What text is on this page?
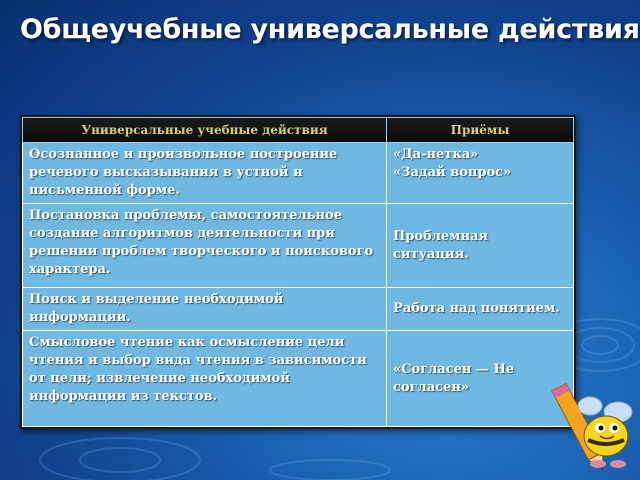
Общеучебные универсальные действия
Универсальные учебные действия	Приёмы
Осознанное и произвольное построение речевого высказывания в устной и письменной форме.	«Да-нетка»
«Задай вопрос»
Постановка проблемы, самостоятельное создание алгоритмов деятельности при решении проблем творческого и поискового характера.	Проблемная ситуация.
Поиск и выделение необходимой информации.	Работа над понятием.
Смысловое чтение как осмысление цели чтения и выбор вида чтения в зависимости от цели; извлечение необходимой информации из текстов.	«Согласен — Не согласен»
